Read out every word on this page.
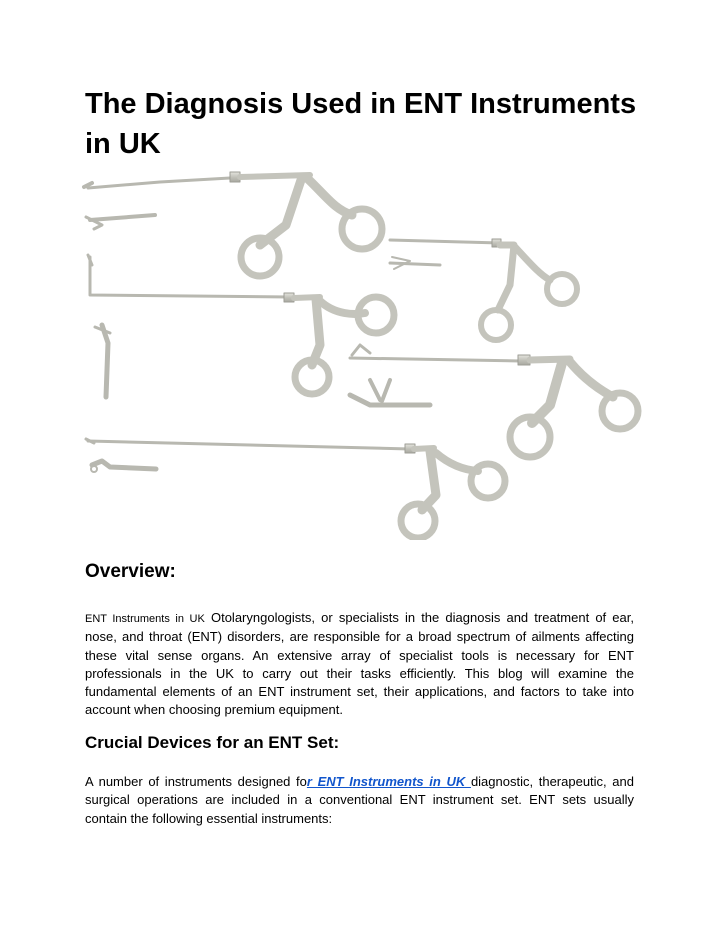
The Diagnosis Used in ENT Instruments in UK
Overview:

ENT Instruments in UK Otolaryngologists, or specialists in the diagnosis and treatment of ear, nose, and throat (ENT) disorders, are responsible for a broad spectrum of ailments affecting these vital sense organs. An extensive array of specialist tools is necessary for ENT professionals in the UK to carry out their tasks efficiently. This blog will examine the fundamental elements of an ENT instrument set, their applications, and factors to take into account when choosing premium equipment.

Crucial Devices for an ENT Set:

A number of instruments designed for ENT Instruments in UK diagnostic, therapeutic, and surgical operations are included in a conventional ENT instrument set. ENT sets usually contain the following essential instruments:
